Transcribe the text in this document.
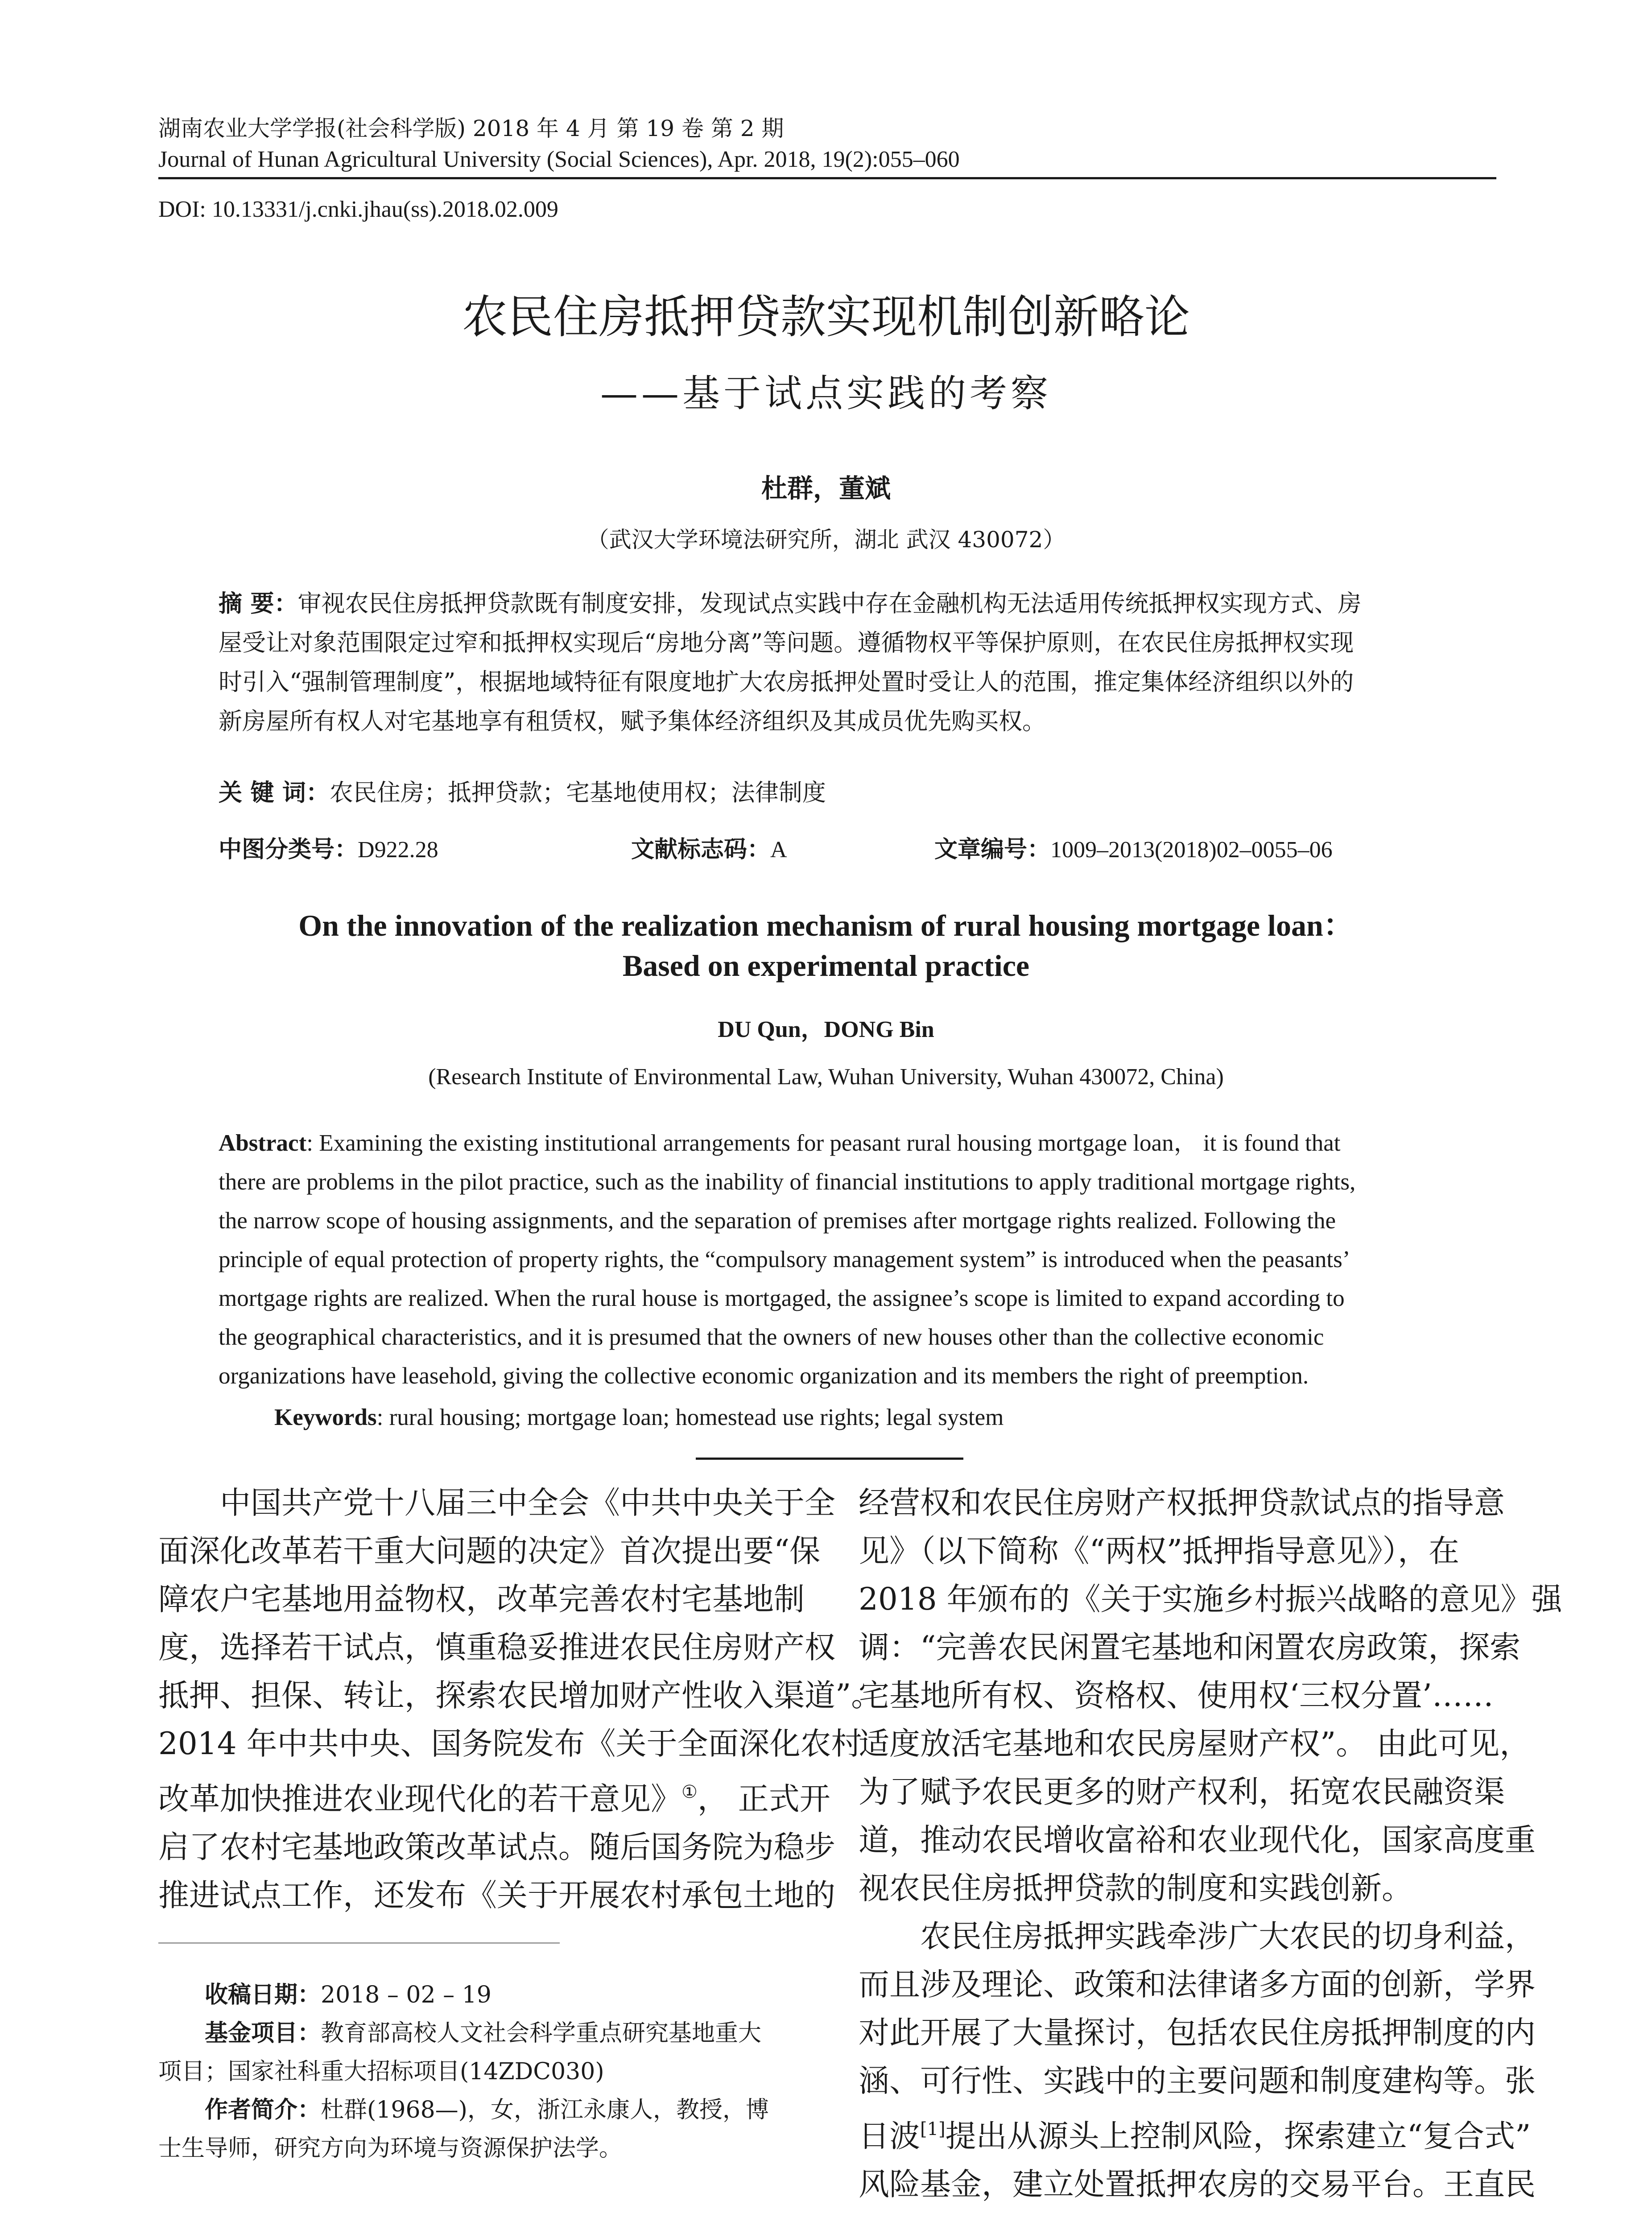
湖南农业大学学报(社会科学版) 2018 年 4 月 第 19 卷 第 2 期
Journal of Hunan Agricultural University (Social Sciences), Apr. 2018, 19(2):055–060
DOI: 10.13331/j.cnki.jhau(ss).2018.02.009
农民住房抵押贷款实现机制创新略论
——基于试点实践的考察
杜群，董斌
（武汉大学环境法研究所，湖北 武汉 430072）
摘 要：审视农民住房抵押贷款既有制度安排，发现试点实践中存在金融机构无法适用传统抵押权实现方式、房
屋受让对象范围限定过窄和抵押权实现后“房地分离”等问题。遵循物权平等保护原则，在农民住房抵押权实现
时引入“强制管理制度”，根据地域特征有限度地扩大农房抵押处置时受让人的范围，推定集体经济组织以外的
新房屋所有权人对宅基地享有租赁权，赋予集体经济组织及其成员优先购买权。
关 键 词：农民住房；抵押贷款；宅基地使用权；法律制度
中图分类号：D922.28	文献标志码：A	文章编号：1009–2013(2018)02–0055–06
On the innovation of the realization mechanism of rural housing mortgage loan：
Based on experimental practice
DU Qun，DONG Bin
(Research Institute of Environmental Law, Wuhan University, Wuhan 430072, China)
Abstract: Examining the existing institutional arrangements for peasant rural housing mortgage loan， it is found that
there are problems in the pilot practice, such as the inability of financial institutions to apply traditional mortgage rights,
the narrow scope of housing assignments, and the separation of premises after mortgage rights realized. Following the
principle of equal protection of property rights, the “compulsory management system” is introduced when the peasants’
mortgage rights are realized. When the rural house is mortgaged, the assignee’s scope is limited to expand according to
the geographical characteristics, and it is presumed that the owners of new houses other than the collective economic
organizations have leasehold, giving the collective economic organization and its members the right of preemption.
Keywords: rural housing; mortgage loan; homestead use rights; legal system
　　中国共产党十八届三中全会《中共中央关于全
面深化改革若干重大问题的决定》首次提出要“保
障农户宅基地用益物权，改革完善农村宅基地制
度，选择若干试点，慎重稳妥推进农民住房财产权
抵押、担保、转让，探索农民增加财产性收入渠道”。
2014 年中共中央、国务院发布《关于全面深化农村
改革加快推进农业现代化的若干意见》①， 正式开
启了农村宅基地政策改革试点。随后国务院为稳步
推进试点工作，还发布《关于开展农村承包土地的
经营权和农民住房财产权抵押贷款试点的指导意
见》（以下简称《“两权”抵押指导意见》），在
2018 年颁布的《关于实施乡村振兴战略的意见》强
调：“完善农民闲置宅基地和闲置农房政策，探索
宅基地所有权、资格权、使用权‘三权分置’……
适度放活宅基地和农民房屋财产权”。 由此可见，
为了赋予农民更多的财产权利，拓宽农民融资渠
道，推动农民增收富裕和农业现代化，国家高度重
视农民住房抵押贷款的制度和实践创新。
　　农民住房抵押实践牵涉广大农民的切身利益，
而且涉及理论、政策和法律诸多方面的创新，学界
对此开展了大量探讨，包括农民住房抵押制度的内
涵、可行性、实践中的主要问题和制度建构等。张
日波[1]提出从源头上控制风险，探索建立“复合式”
风险基金，建立处置抵押农房的交易平台。王直民
　　收稿日期：2018 – 02 – 19
　　基金项目：教育部高校人文社会科学重点研究基地重大
项目；国家社科重大招标项目(14ZDC030)
　　作者简介：杜群(1968—)，女，浙江永康人，教授，博
士生导师，研究方向为环境与资源保护法学。
